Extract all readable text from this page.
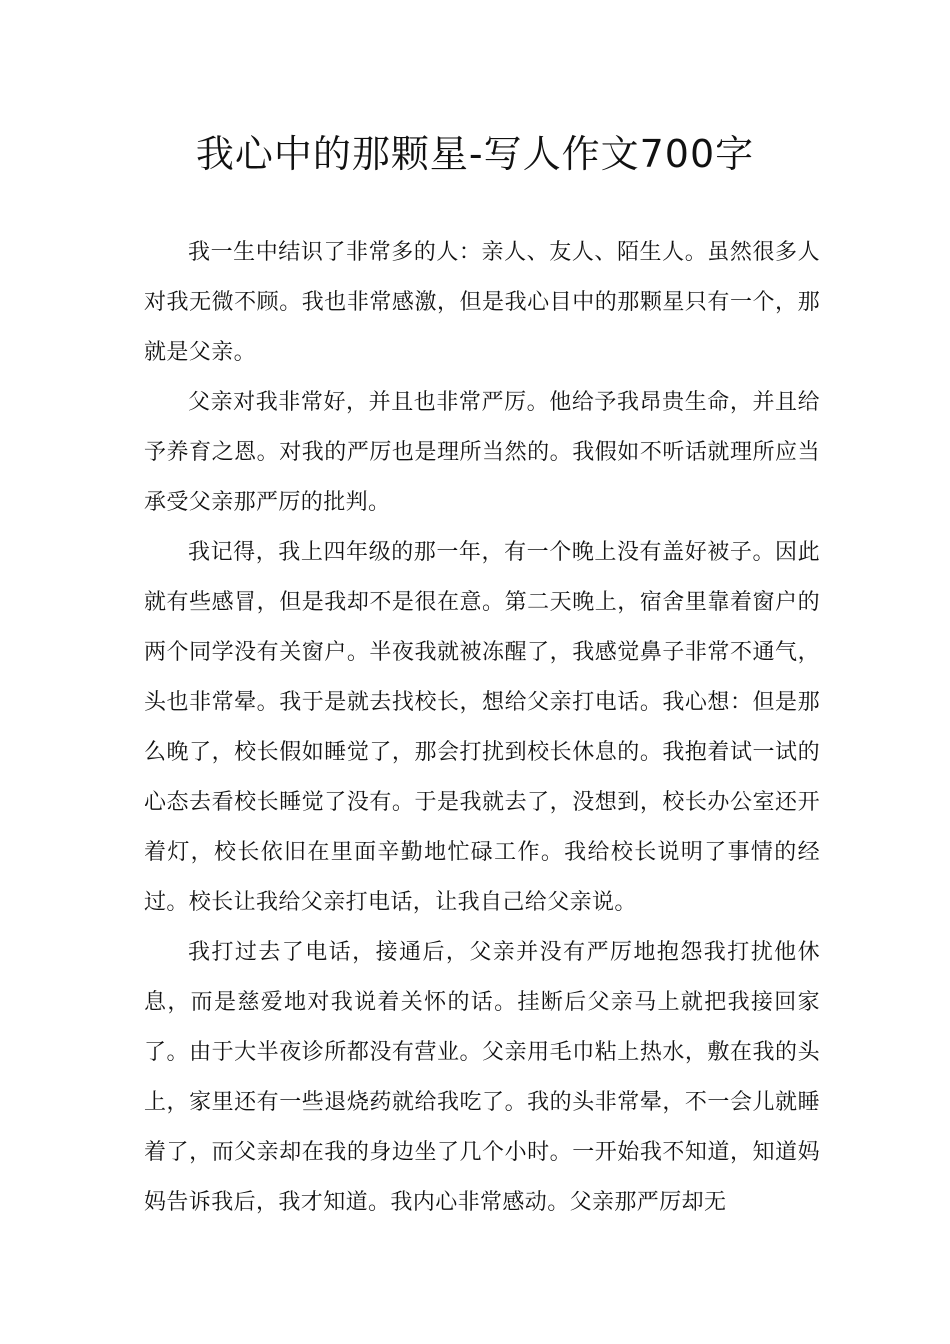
我心中的那颗星-写人作文700字

我一生中结识了非常多的人：亲人、友人、陌生人。虽然很多人对我无微不顾。我也非常感激，但是我心目中的那颗星只有一个，那就是父亲。

父亲对我非常好，并且也非常严厉。他给予我昂贵生命，并且给予养育之恩。对我的严厉也是理所当然的。我假如不听话就理所应当承受父亲那严厉的批判。

我记得，我上四年级的那一年，有一个晚上没有盖好被子。因此就有些感冒，但是我却不是很在意。第二天晚上，宿舍里靠着窗户的两个同学没有关窗户。半夜我就被冻醒了，我感觉鼻子非常不通气，头也非常晕。我于是就去找校长，想给父亲打电话。我心想：但是那么晚了，校长假如睡觉了，那会打扰到校长休息的。我抱着试一试的心态去看校长睡觉了没有。于是我就去了，没想到，校长办公室还开着灯，校长依旧在里面辛勤地忙碌工作。我给校长说明了事情的经过。校长让我给父亲打电话，让我自己给父亲说。

我打过去了电话，接通后，父亲并没有严厉地抱怨我打扰他休息，而是慈爱地对我说着关怀的话。挂断后父亲马上就把我接回家了。由于大半夜诊所都没有营业。父亲用毛巾粘上热水，敷在我的头上，家里还有一些退烧药就给我吃了。我的头非常晕，不一会儿就睡着了，而父亲却在我的身边坐了几个小时。一开始我不知道，知道妈妈告诉我后，我才知道。我内心非常感动。父亲那严厉却无
